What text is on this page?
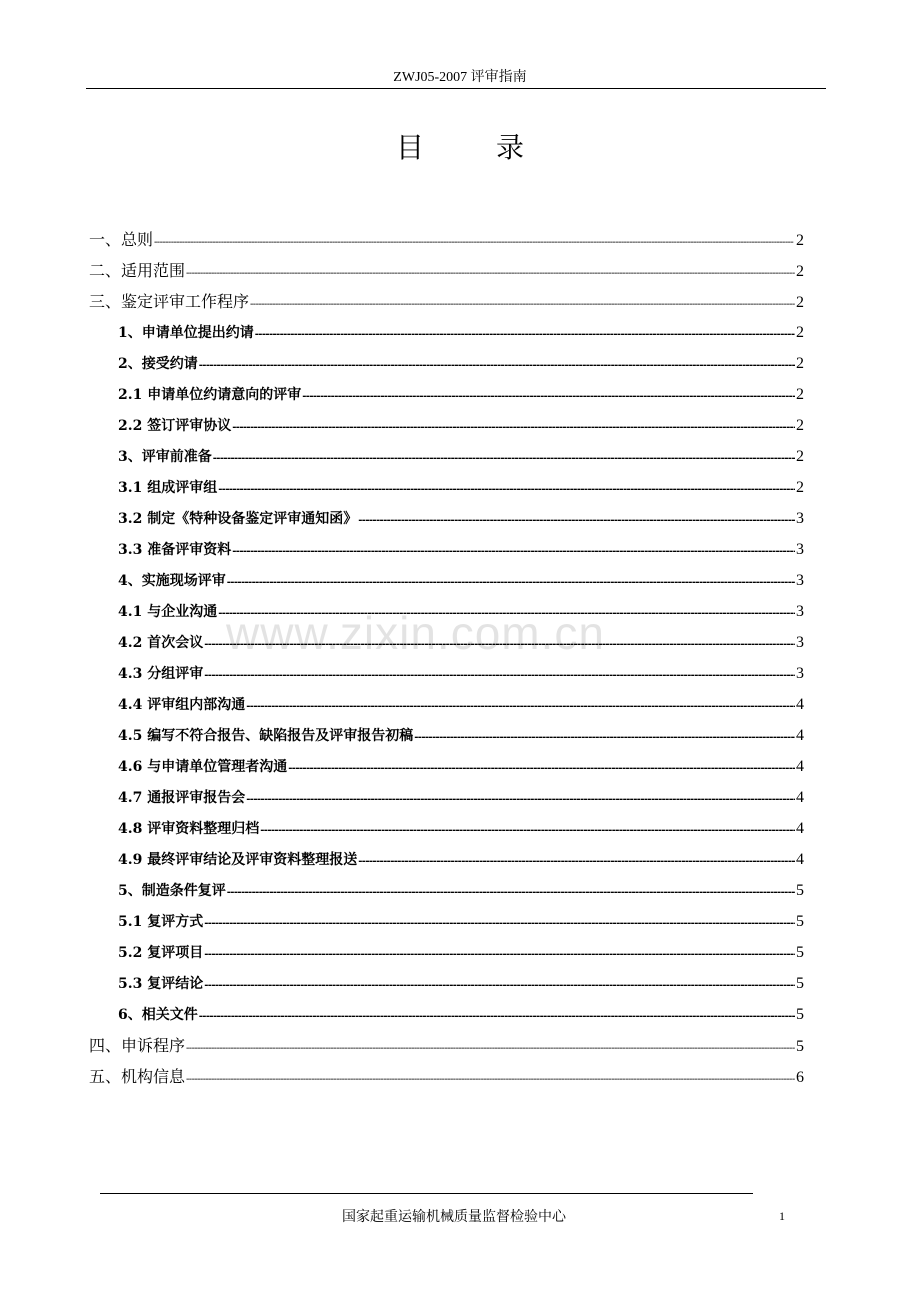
ZWJ05-2007 评审指南
目	录
www.zixin.com.cn
一、总则 -----	2
二、适用范围 -----	2
三、鉴定评审工作程序 -----	2
1、申请单位提出约请 -----	2
2、接受约请 -----	2
2.1 申请单位约请意向的评审 -----	2
2.2 签订评审协议 -----	2
3、评审前准备 -----	2
3.1 组成评审组 -----	2
3.2 制定《特种设备鉴定评审通知函》 -----	3
3.3 准备评审资料 -----	3
4、实施现场评审 -----	3
4.1 与企业沟通 -----	3
4.2 首次会议 -----	3
4.3 分组评审 -----	3
4.4 评审组内部沟通 -----	4
4.5 编写不符合报告、缺陷报告及评审报告初稿 -----	4
4.6 与申请单位管理者沟通 -----	4
4.7 通报评审报告会 -----	4
4.8 评审资料整理归档 -----	4
4.9 最终评审结论及评审资料整理报送 -----	4
5、制造条件复评 -----	5
5.1 复评方式 -----	5
5.2 复评项目 -----	5
5.3 复评结论 -----	5
6、相关文件 -----	5
四、申诉程序 -----	5
五、机构信息 -----	6
国家起重运输机械质量监督检验中心	1
